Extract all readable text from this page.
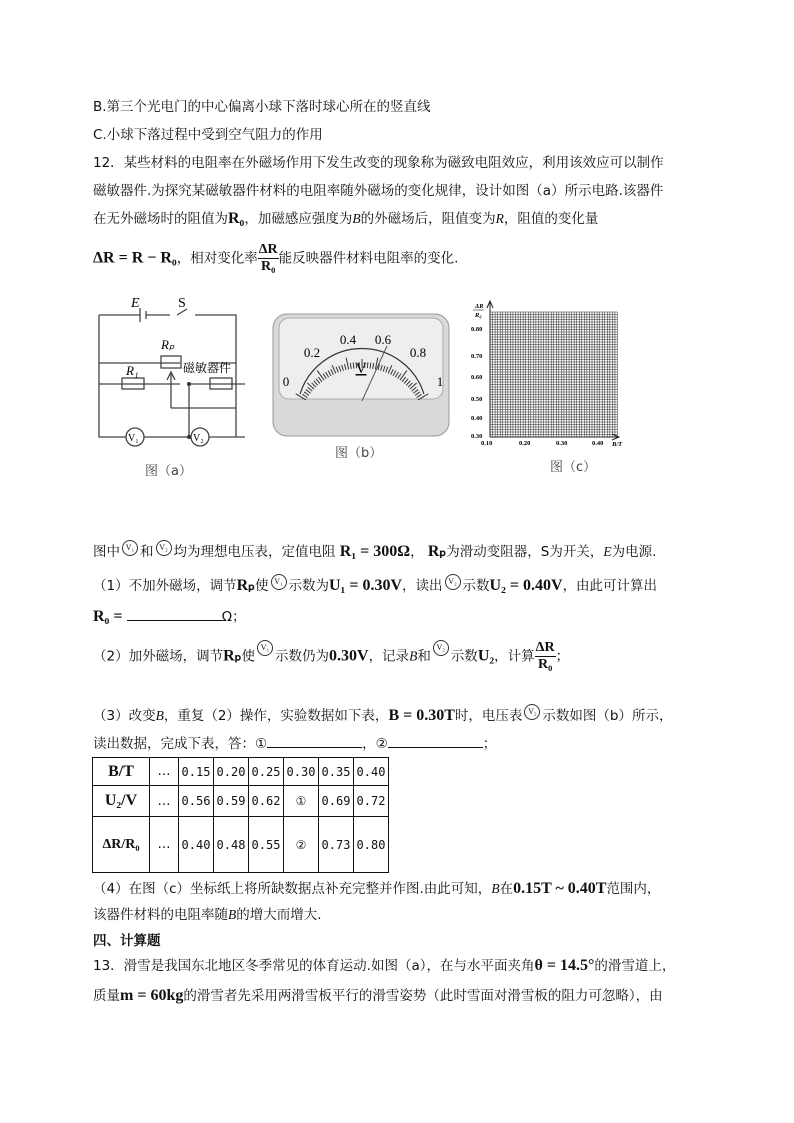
B.第三个光电门的中心偏离小球下落时球心所在的竖直线
C.小球下落过程中受到空气阻力的作用
12．某些材料的电阻率在外磁场作用下发生改变的现象称为磁致电阻效应，利用该效应可以制作
磁敏器件.为探究某磁敏器件材料的电阻率随外磁场的变化规律，设计如图（a）所示电路.该器件
在无外磁场时的阻值为R₀，加磁感应强度为B的外磁场后，阻值变为R，阻值的变化量
ΔR = R − R₀，相对变化率 $\frac{\Delta R}{\text{R₀}}$ 能反映器件材料电阻率的变化.
E	S
Rₚ
R₁	磁敏器件
V₁	V₂
图（a）
0
0.2
0.4 0.6
0.8
1
V
图（b）
ΔR
R₀
0.80
0.70
0.60
0.50
0.40
0.30
0.10	0.20	0.30	0.40 B/T
图（c）
图中 V₁ 和 V₂ 均为理想电压表，定值电阻 R₁ = 300Ω， Rₚ为滑动变阻器，S为开关，E为电源.
（1）不加外磁场，调节Rₚ使 V₁ 示数为U₁ = 0.30V，读出 V₂ 示数U₂ = 0.40V，由此可计算出
R₀ =	Ω；
（2）加外磁场，调节Rₚ使V₁示数仍为0.30V，记录B和V₂示数U₂，计算 $\frac{\Delta R}{\text{R₀}}$ ；
（3）改变B，重复（2）操作，实验数据如下表，B = 0.30T时，电压表 V₂ 示数如图（b）所示，
读出数据，完成下表，答：①	，②	；
B/T	…	0.15	0.20	0.25	0.30	0.35	0.40
U₂/V	…	0.56	0.59	0.62	①	0.69	0.72
ΔR/R₀	…	0.40	0.48	0.55	②	0.73	0.80
（4）在图（c）坐标纸上将所缺数据点补充完整并作图.由此可知，B在0.15T ~ 0.40T范围内，
该器件材料的电阻率随B的增大而增大.
四、计算题
13．滑雪是我国东北地区冬季常见的体育运动.如图（a），在与水平面夹角θ = 14.5°的滑雪道上，
质量m = 60kg的滑雪者先采用两滑雪板平行的滑雪姿势（此时雪面对滑雪板的阻力可忽略），由
